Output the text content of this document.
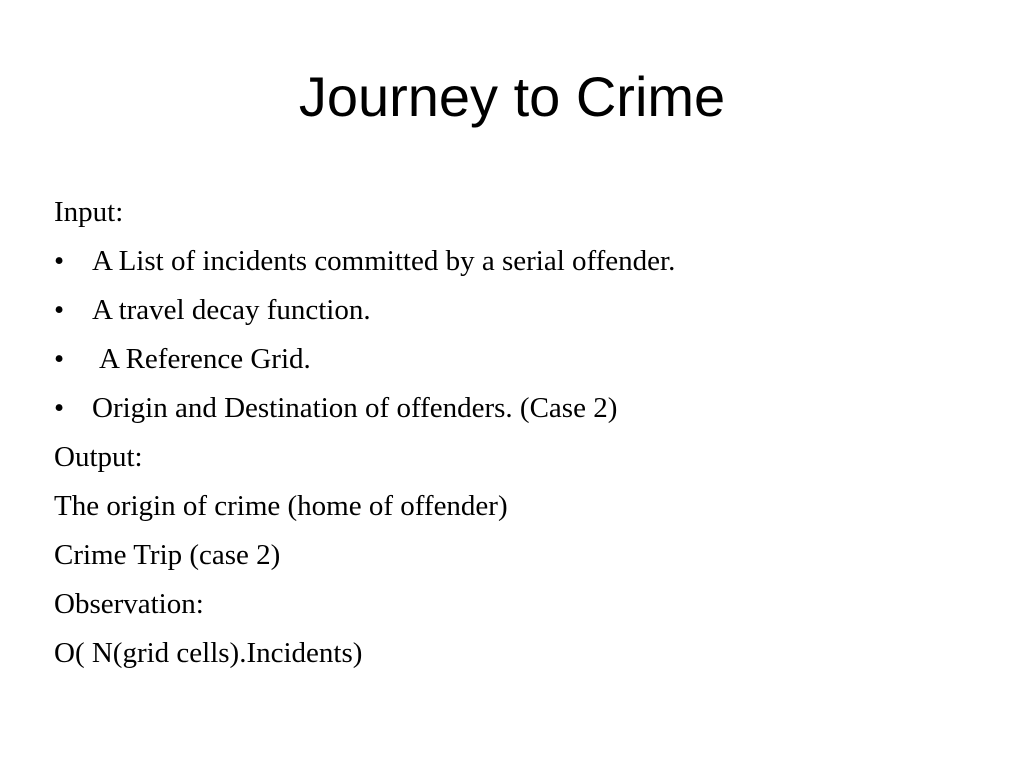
Journey to Crime
Input:
• A List of incidents committed by a serial offender.
• A travel decay function.
•	A Reference Grid.
• Origin and Destination of offenders. (Case 2)
Output:
The origin of crime (home of offender)
Crime Trip (case 2)
Observation:
O( N(grid cells).Incidents)
